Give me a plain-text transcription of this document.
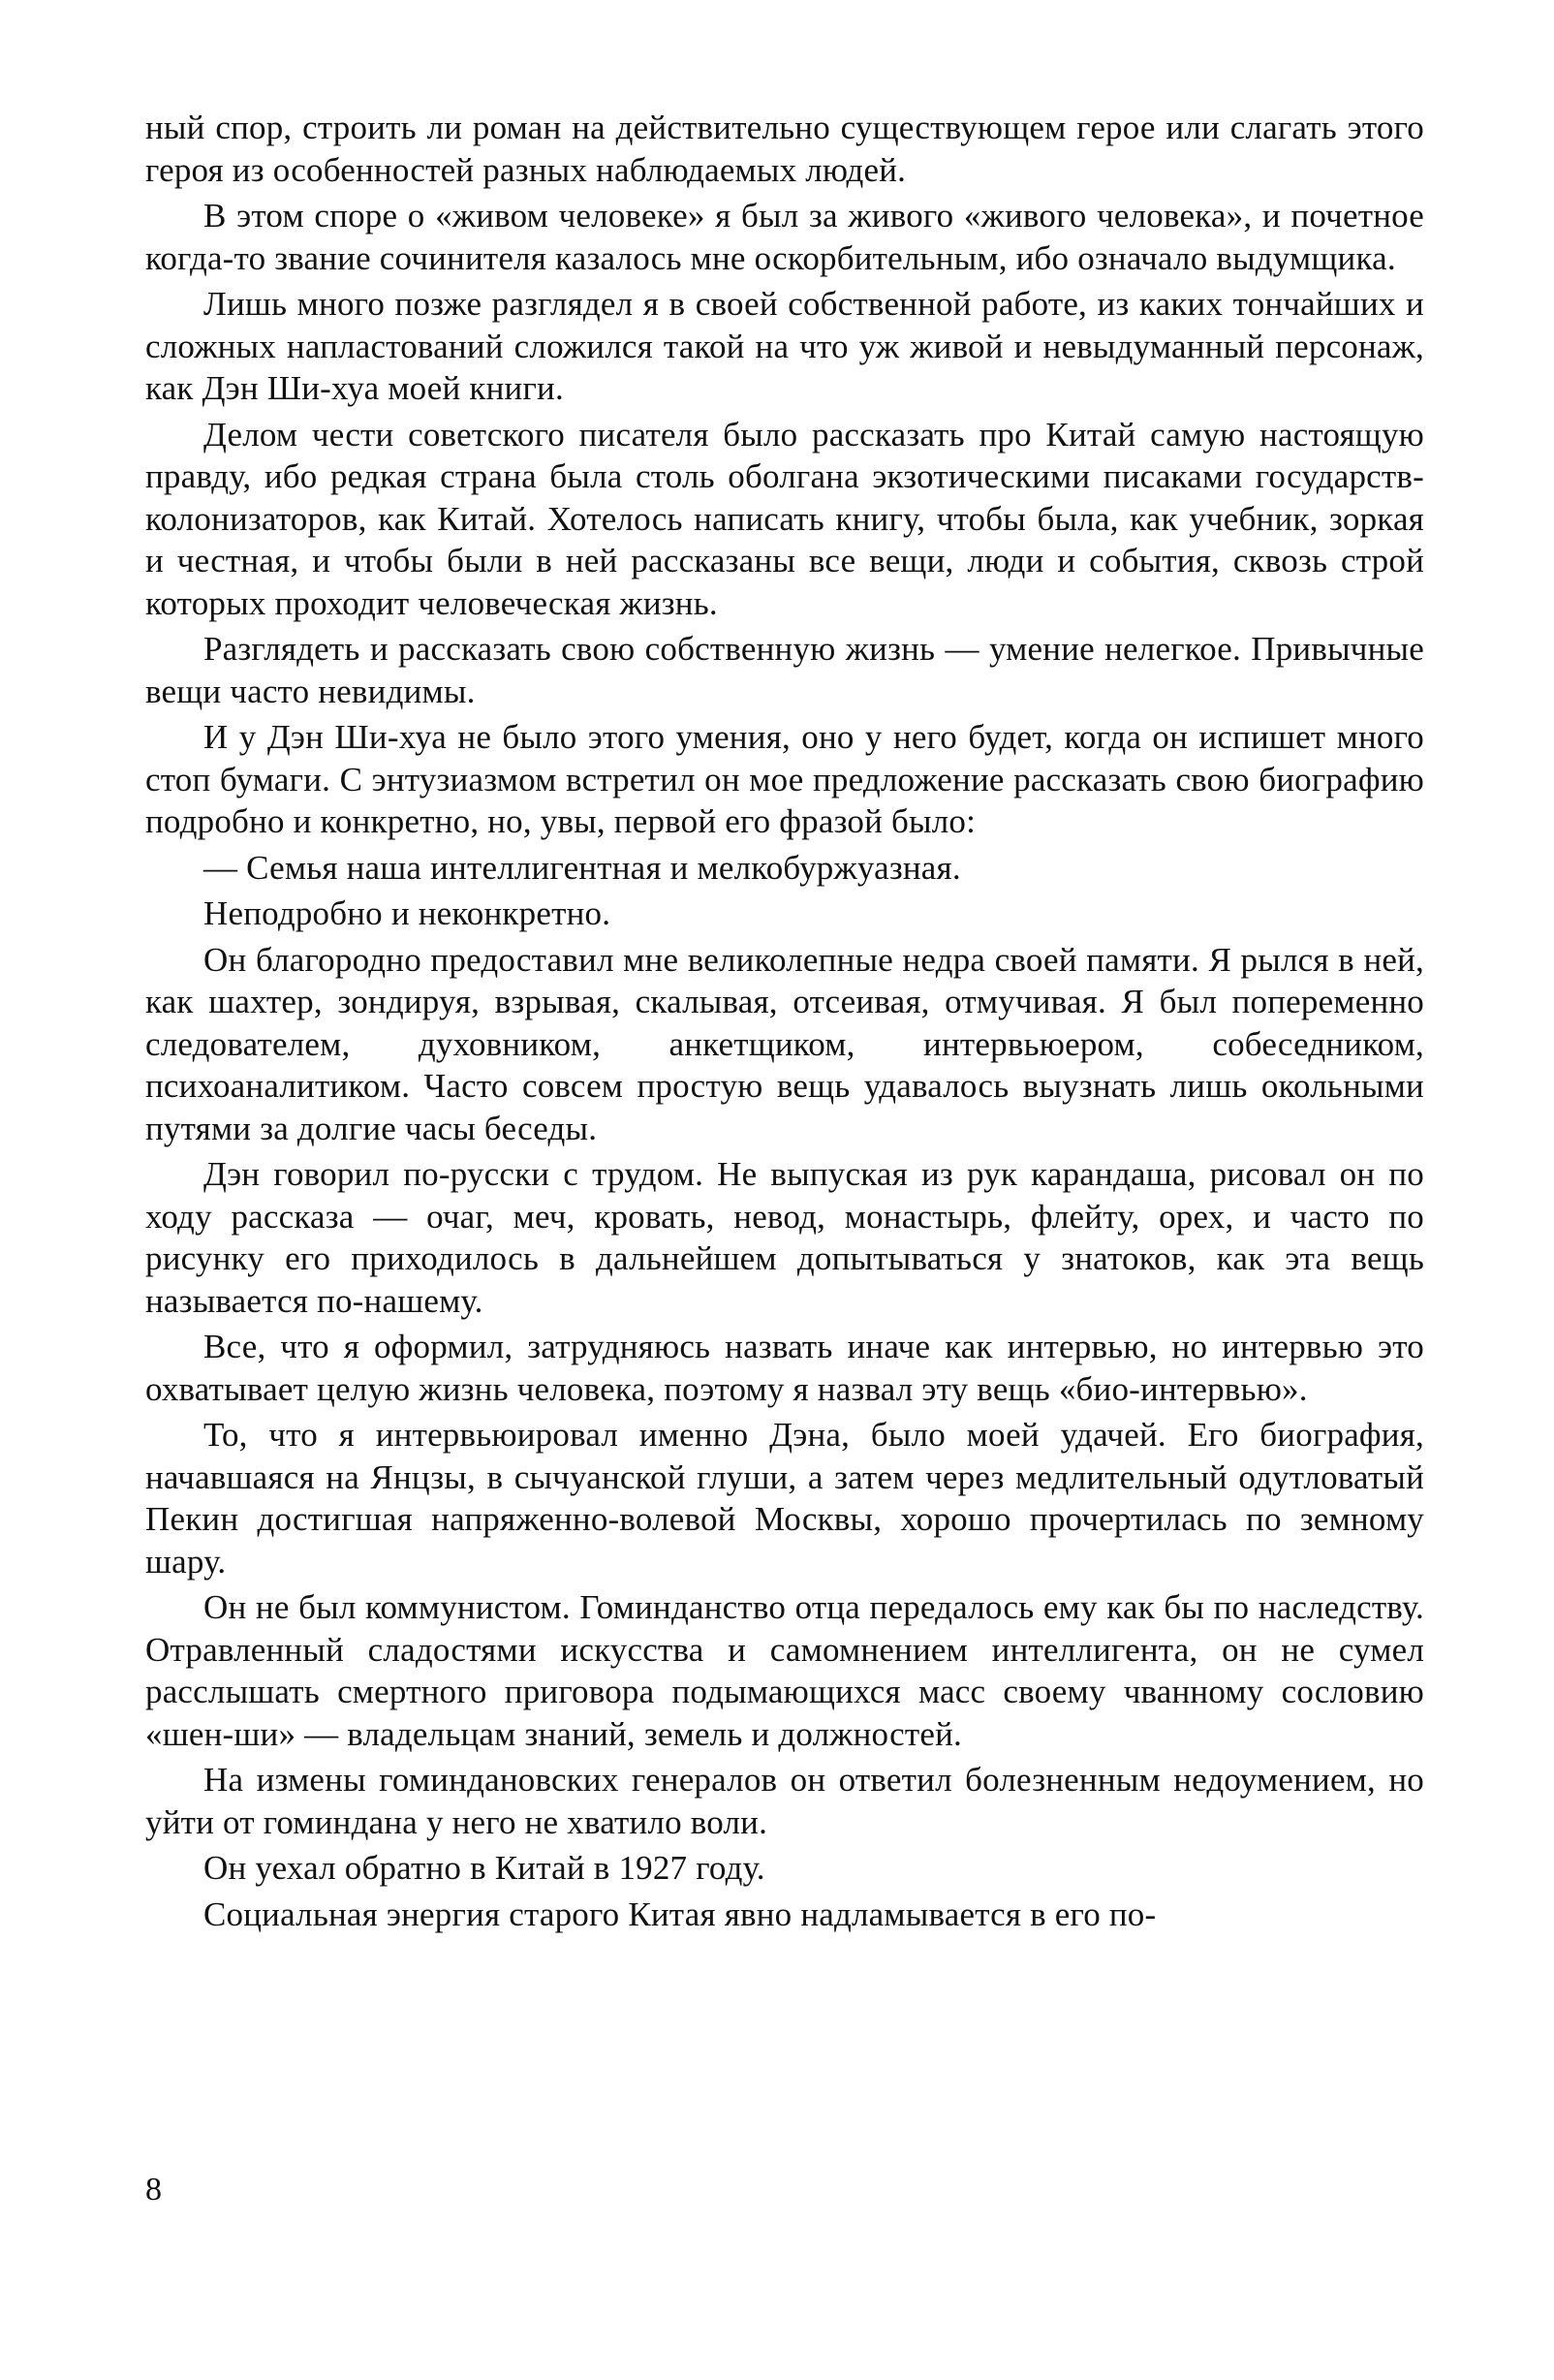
ный спор, строить ли роман на действительно существующем герое или слагать этого героя из особенностей разных наблюдаемых людей.

В этом споре о «живом человеке» я был за живого «живого человека», и почетное когда-то звание сочинителя казалось мне оскорбительным, ибо означало выдумщика.

Лишь много позже разглядел я в своей собственной работе, из каких тончайших и сложных напластований сложился такой на что уж живой и невыдуманный персонаж, как Дэн Ши-хуа моей книги.

Делом чести советского писателя было рассказать про Китай самую настоящую правду, ибо редкая страна была столь оболгана экзотическими писаками государств-колонизаторов, как Китай. Хотелось написать книгу, чтобы была, как учебник, зоркая и честная, и чтобы были в ней рассказаны все вещи, люди и события, сквозь строй которых проходит человеческая жизнь.

Разглядеть и рассказать свою собственную жизнь — умение нелегкое. Привычные вещи часто невидимы.

И у Дэн Ши-хуа не было этого умения, оно у него будет, когда он испишет много стоп бумаги. С энтузиазмом встретил он мое предложение рассказать свою биографию подробно и конкретно, но, увы, первой его фразой было:

— Семья наша интеллигентная и мелкобуржуазная.

Неподробно и неконкретно.

Он благородно предоставил мне великолепные недра своей памяти. Я рылся в ней, как шахтер, зондируя, взрывая, скалывая, отсеивая, отмучивая. Я был попеременно следователем, духовником, анкетщиком, интервьюером, собеседником, психоаналитиком. Часто совсем простую вещь удавалось выузнать лишь окольными путями за долгие часы беседы.

Дэн говорил по-русски с трудом. Не выпуская из рук карандаша, рисовал он по ходу рассказа — очаг, меч, кровать, невод, монастырь, флейту, орех, и часто по рисунку его приходилось в дальнейшем допытываться у знатоков, как эта вещь называется по-нашему.

Все, что я оформил, затрудняюсь назвать иначе как интервью, но интервью это охватывает целую жизнь человека, поэтому я назвал эту вещь «био-интервью».

То, что я интервьюировал именно Дэна, было моей удачей. Его биография, начавшаяся на Янцзы, в сычуанской глуши, а затем через медлительный одутловатый Пекин достигшая напряженно-волевой Москвы, хорошо прочертилась по земному шару.

Он не был коммунистом. Гоминданство отца передалось ему как бы по наследству. Отравленный сладостями искусства и самомнением интеллигента, он не сумел расслышать смертного приговора подымающихся масс своему чванному сословию «шен-ши» — владельцам знаний, земель и должностей.

На измены гоминдановских генералов он ответил болезненным недоумением, но уйти от гоминдана у него не хватило воли.

Он уехал обратно в Китай в 1927 году.

Социальная энергия старого Китая явно надламывается в его по-

8
